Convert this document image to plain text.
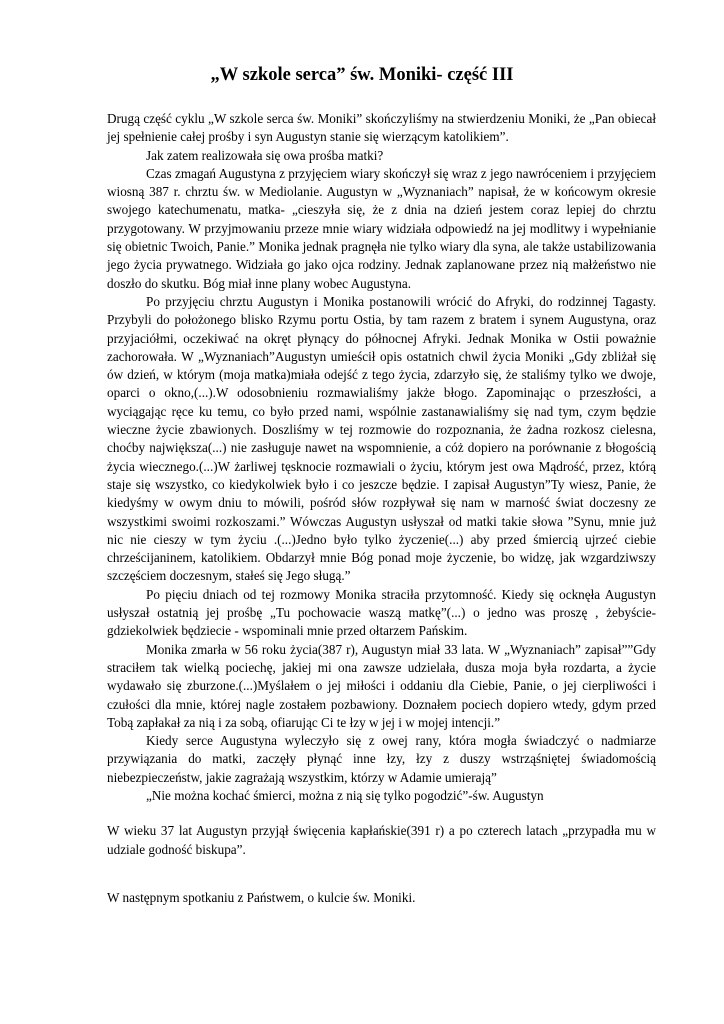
„W szkole serca” św. Moniki- część III

Drugą część cyklu „W szkole serca św. Moniki” skończyliśmy na stwierdzeniu Moniki, że „Pan obiecał jej spełnienie całej prośby i syn Augustyn stanie się wierzącym katolikiem”.

Jak zatem realizowała się owa prośba matki?

Czas zmagań Augustyna z przyjęciem wiary skończył się wraz z jego nawróceniem i przyjęciem wiosną 387 r. chrztu św. w Mediolanie. Augustyn w „Wyznaniach” napisał, że w końcowym okresie swojego katechumenatu, matka- „cieszyła się, że z dnia na dzień jestem coraz lepiej do chrztu przygotowany. W przyjmowaniu przeze mnie wiary widziała odpowiedź na jej modlitwy i wypełnianie się obietnic Twoich, Panie.” Monika jednak pragnęła nie tylko wiary dla syna, ale także ustabilizowania jego życia prywatnego. Widziała go jako ojca rodziny. Jednak zaplanowane przez nią małżeństwo nie doszło do skutku. Bóg miał inne plany wobec Augustyna.

Po przyjęciu chrztu Augustyn i Monika postanowili wrócić do Afryki, do rodzinnej Tagasty. Przybyli do położonego blisko Rzymu portu Ostia, by tam razem z bratem i synem Augustyna, oraz przyjaciółmi, oczekiwać na okręt płynący do północnej Afryki. Jednak Monika w Ostii poważnie zachorowała. W „Wyznaniach”Augustyn umieścił opis ostatnich chwil życia Moniki „Gdy zbliżał się ów dzień, w którym (moja matka)miała odejść z tego życia, zdarzyło się, że staliśmy tylko we dwoje, oparci o okno,(...).W odosobnieniu rozmawialiśmy jakże błogo. Zapominając o przeszłości, a wyciągając ręce ku temu, co było przed nami, wspólnie zastanawialiśmy się nad tym, czym będzie wieczne życie zbawionych. Doszliśmy w tej rozmowie do rozpoznania, że żadna rozkosz cielesna, choćby największa(...) nie zasługuje nawet na wspomnienie, a cóż dopiero na porównanie z błogością życia wiecznego.(...)W żarliwej tęsknocie rozmawiali o życiu, którym jest owa Mądrość, przez, którą staje się wszystko, co kiedykolwiek było i co jeszcze będzie. I zapisał Augustyn”Ty wiesz, Panie, że kiedyśmy w owym dniu to mówili, pośród słów rozpływał się nam w marność świat doczesny ze wszystkimi swoimi rozkoszami.” Wówczas Augustyn usłyszał od matki takie słowa ”Synu, mnie już nic nie cieszy w tym życiu .(...)Jedno było tylko życzenie(...) aby przed śmiercią ujrzeć ciebie chrześcijaninem, katolikiem. Obdarzył mnie Bóg ponad moje życzenie, bo widzę, jak wzgardziwszy szczęściem doczesnym, stałeś się Jego sługą.”

Po pięciu dniach od tej rozmowy Monika straciła przytomność. Kiedy się ocknęła Augustyn usłyszał ostatnią jej prośbę „Tu pochowacie waszą matkę”(...) o jedno was proszę , żebyście-gdziekolwiek będziecie - wspominali mnie przed ołtarzem Pańskim.

Monika zmarła w 56 roku życia(387 r), Augustyn miał 33 lata. W „Wyznaniach” zapisał””Gdy straciłem tak wielką pociechę, jakiej mi ona zawsze udzielała, dusza moja była rozdarta, a życie wydawało się zburzone.(...)Myślałem o jej miłości i oddaniu dla Ciebie, Panie, o jej cierpliwości i czułości dla mnie, której nagle zostałem pozbawiony. Doznałem pociech dopiero wtedy, gdym przed Tobą zapłakał za nią i za sobą, ofiarując Ci te łzy w jej i w mojej intencji.”

Kiedy serce Augustyna wyleczyło się z owej rany, która mogła świadczyć o nadmiarze przywiązania do matki, zaczęły płynąć inne łzy, łzy z duszy wstrząśniętej świadomością niebezpieczeństw, jakie zagrażają wszystkim, którzy w Adamie umierają”

„Nie można kochać śmierci, można z nią się tylko pogodzić”-św. Augustyn

W wieku 37 lat Augustyn przyjął święcenia kapłańskie(391 r) a po czterech latach „przypadła mu w udziale godność biskupa”.

W następnym spotkaniu z Państwem, o kulcie św. Moniki.
